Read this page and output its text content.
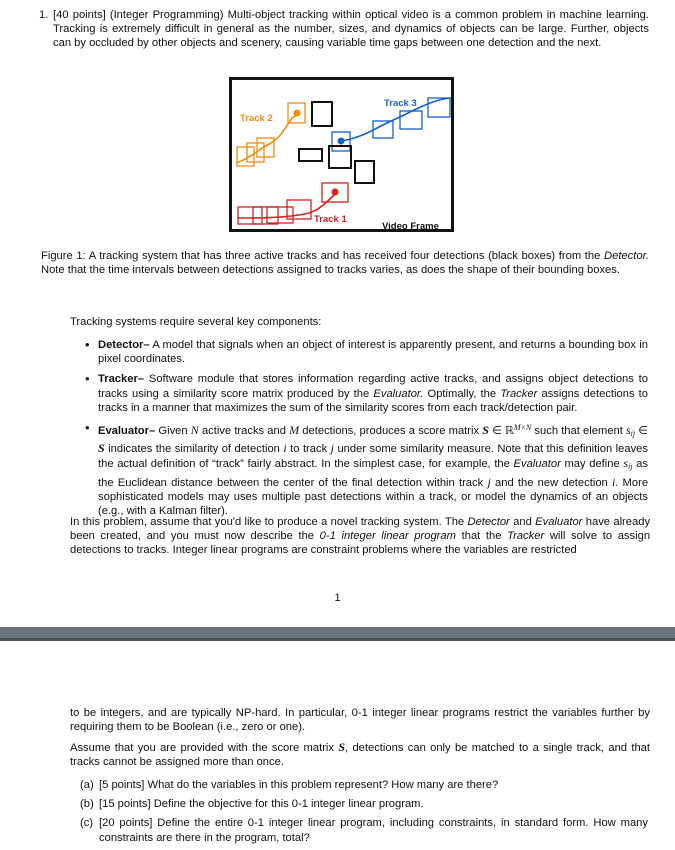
1. [40 points] (Integer Programming) Multi-object tracking within optical video is a common problem in machine learning. Tracking is extremely difficult in general as the number, sizes, and dynamics of objects can be large. Further, objects can by occluded by other objects and scenery, causing variable time gaps between one detection and the next.
Track 2
Track 3
Track 1
Video Frame
Figure 1: A tracking system that has three active tracks and has received four detections (black boxes) from the Detector. Note that the time intervals between detections assigned to tracks varies, as does the shape of their bounding boxes.
Tracking systems require several key components:
• Detector– A model that signals when an object of interest is apparently present, and returns a bounding box in pixel coordinates.
• Tracker– Software module that stores information regarding active tracks, and assigns object detections to tracks using a similarity score matrix produced by the Evaluator. Optimally, the Tracker assigns detections to tracks in a manner that maximizes the sum of the similarity scores from each track/detection pair.
• Evaluator– Given N active tracks and M detections, produces a score matrix S ∈ ℝ$^{M\times N}$ such that element $s_{ij}$ ∈ S indicates the similarity of detection i to track j under some similarity measure. Note that this definition leaves the actual definition of “track” fairly abstract. In the simplest case, for example, the Evaluator may define $s_{ij}$ as the Euclidean distance between the center of the final detection within track j and the new detection i. More sophisticated models may uses multiple past detections within a track, or model the dynamics of an objects (e.g., with a Kalman filter).
In this problem, assume that you'd like to produce a novel tracking system. The Detector and Evaluator have already been created, and you must now describe the 0-1 integer linear program that the Tracker will solve to assign detections to tracks. Integer linear programs are constraint problems where the variables are restricted
1
to be integers, and are typically NP-hard. In particular, 0-1 integer linear programs restrict the variables further by requiring them to be Boolean (i.e., zero or one).
Assume that you are provided with the score matrix S, detections can only be matched to a single track, and that tracks cannot be assigned more than once.
(a) [5 points] What do the variables in this problem represent? How many are there?
(b) [15 points] Define the objective for this 0-1 integer linear program.
(c) [20 points] Define the entire 0-1 integer linear program, including constraints, in standard form. How many constraints are there in the program, total?
